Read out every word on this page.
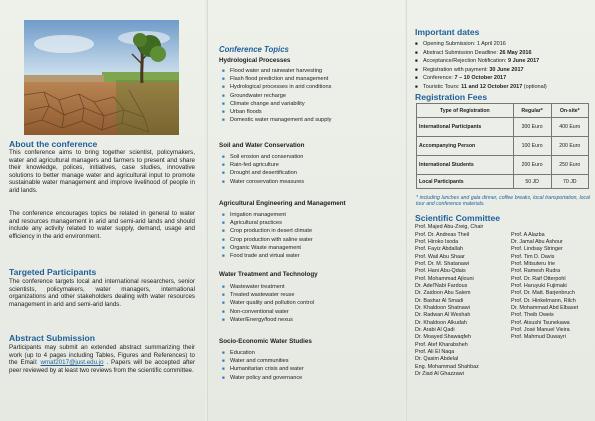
About the conference
This conference aims to bring together scientist, policymakers, water and agricultural managers and farmers to present and share their knowledge, polices, initiatives, case studies, innovative solutions to better manage water and agricultural input to promote sustainable water management and improve livelihood of people in arid lands.
The conference encourages topics be related in general to water and resources management in arid and semi-arid lands and should include any activity related to water supply, demand, usage and efficiency in the arid environment.
Targeted Participants
The conference targets local and international researchers, senior scientists, policymakers, water managers, international organizations and other stakeholders dealing with water resources management in arid and semi-arid lands.
Abstract Submission
Participants may submit an extended abstract summarizing their work (up to 4 pages including Tables, Figures and References) to the Email: wmaf2017@just.edu.jo . Papers will be accepted after peer reviewed by at least two reviews from the scientific committee.
Conference Topics
Hydrological Processes
■ Flood water and rainwater harvesting
■ Flash flood prediction and management
■ Hydrological processes in arid conditions
■ Groundwater recharge
■ Climate change and variability
■ Urban floods
■ Domestic water management and supply
Soil and Water Conservation
■ Soil erosion and conservation
■ Rain-fed agriculture
■ Drought and desertification
■ Water conservation measures
Agricultural Engineering and Management
■ Irrigation management
■ Agricultural practices
■ Crop production in desert climate
■ Crop production with saline water
■ Organic Waste management
■ Food trade and virtual water
Water Treatment and Technology
■ Wastewater treatment
■ Treated wastewater reuse
■ Water quality and pollution control
■ Non-conventional water
■ Water/Energy/food nexus
Socio-Economic Water Studies
■ Education
■ Water and communities
■ Humanitarian crisis and water
■ Water policy and governance
Important dates
■ Opening Submission: 1 April 2016
■ Abstract Submission Deadline: 26 May 2016
■ Acceptance/Rejection Notification: 9 June 2017
■ Registration with payment: 30 June 2017
■ Conference: 7 – 10 October 2017
■ Touristic Tours: 11 and 12 October 2017 (optional)
Registration Fees
Type of Registration	Regular*	On-site*
International Participants	300 Euro	400 Euro
Accompanying Person	100 Euro	200 Euro
International Students	200 Euro	250 Euro
Local Participants	50 JD	70 JD
* including lunches and gala dinner, coffee breaks, local transportation, local tour and conference materials.
Scientific Committee
Prof. Majed Abu-Zreig, Chair
Prof. Dr. Andreas Theil
Prof. Hiroko Isoda
Prof. Fayiz Abdallah
Prof. Wail Abu Shaar
Prof. Dr. M. Shatanawi
Prof. Hani Abu-Qdais
Prof. Mohammad Ajlouni
Dr. Adel'Nabi Fardous
Dr. Zaidoon Abu Salem
Dr. Bashar Al Smadi
Dr. Khaldoon Shatnawi
Dr. Radwan Al Weshah
Dr. Khaldoon Alkudah
Dr. Arabi Al Qadi
Dr. Moayed Shawaqfeh
Prof. Atef Kharabsheh
Prof. Ali El Naqa
Dr. Qasim Abdelal
Eng. Mohammad Shahbaz
Dr Ziad Al Ghazzawi
Prof. A Alazba
Dr. Jamal Abu Ashour
Prof. Lindsay Stringer
Prof. Tim D. Davis
Prof. Mitsuteru Irie
Prof. Ramesh Rudra
Prof. Dr. Raif Otterpohl
Prof. Haruyuki Fujimaki
Prof. Dr. Matt. Barjenbruch
Prof. Dr. Hinkelmann, Rilch
Dr. Mohammad Abd Elbaset
Prof. Theib Oweis
Prof. Atsushi Tsunekawa
Prof. José Manuel Vieira
Prof. Mahmud Duwayri
